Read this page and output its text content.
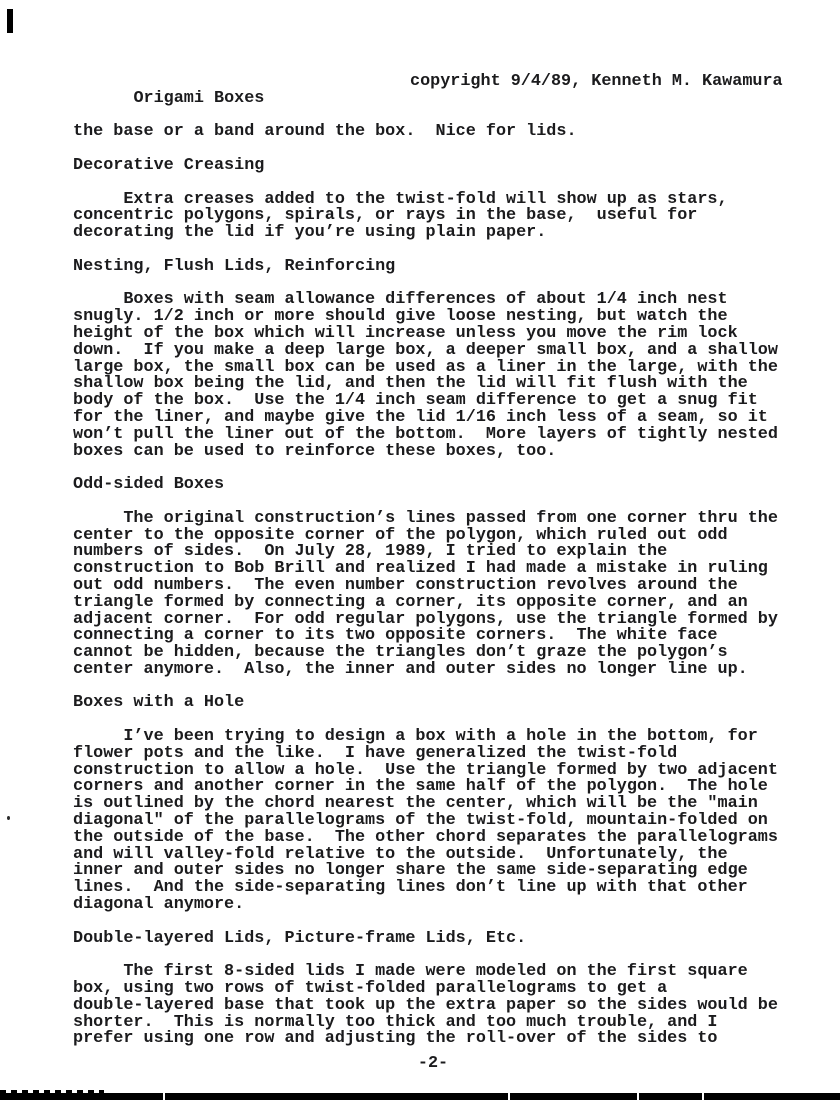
Origami Boxes

copyright 9/4/89, Kenneth M. Kawamura

the base or a band around the box.  Nice for lids.
Decorative Creasing
Extra creases added to the twist-fold will show up as stars,
concentric polygons, spirals, or rays in the base,  useful for
decorating the lid if you’re using plain paper.
Nesting, Flush Lids, Reinforcing
Boxes with seam allowance differences of about 1/4 inch nest
snugly. 1/2 inch or more should give loose nesting, but watch the
height of the box which will increase unless you move the rim lock
down.  If you make a deep large box, a deeper small box, and a shallow
large box, the small box can be used as a liner in the large, with the
shallow box being the lid, and then the lid will fit flush with the
body of the box.  Use the 1/4 inch seam difference to get a snug fit
for the liner, and maybe give the lid 1/16 inch less of a seam, so it
won’t pull the liner out of the bottom.  More layers of tightly nested
boxes can be used to reinforce these boxes, too.
Odd-sided Boxes
The original construction’s lines passed from one corner thru the
center to the opposite corner of the polygon, which ruled out odd
numbers of sides.  On July 28, 1989, I tried to explain the
construction to Bob Brill and realized I had made a mistake in ruling
out odd numbers.  The even number construction revolves around the
triangle formed by connecting a corner, its opposite corner, and an
adjacent corner.  For odd regular polygons, use the triangle formed by
connecting a corner to its two opposite corners.  The white face
cannot be hidden, because the triangles don’t graze the polygon’s
center anymore.  Also, the inner and outer sides no longer line up.
Boxes with a Hole
I’ve been trying to design a box with a hole in the bottom, for
flower pots and the like.  I have generalized the twist-fold
construction to allow a hole.  Use the triangle formed by two adjacent
corners and another corner in the same half of the polygon.  The hole
is outlined by the chord nearest the center, which will be the "main
diagonal" of the parallelograms of the twist-fold, mountain-folded on
the outside of the base.  The other chord separates the parallelograms
and will valley-fold relative to the outside.  Unfortunately, the
inner and outer sides no longer share the same side-separating edge
lines.  And the side-separating lines don’t line up with that other
diagonal anymore.
Double-layered Lids, Picture-frame Lids, Etc.
The first 8-sided lids I made were modeled on the first square
box, using two rows of twist-folded parallelograms to get a
double-layered base that took up the extra paper so the sides would be
shorter.  This is normally too thick and too much trouble, and I
prefer using one row and adjusting the roll-over of the sides to
-2-
